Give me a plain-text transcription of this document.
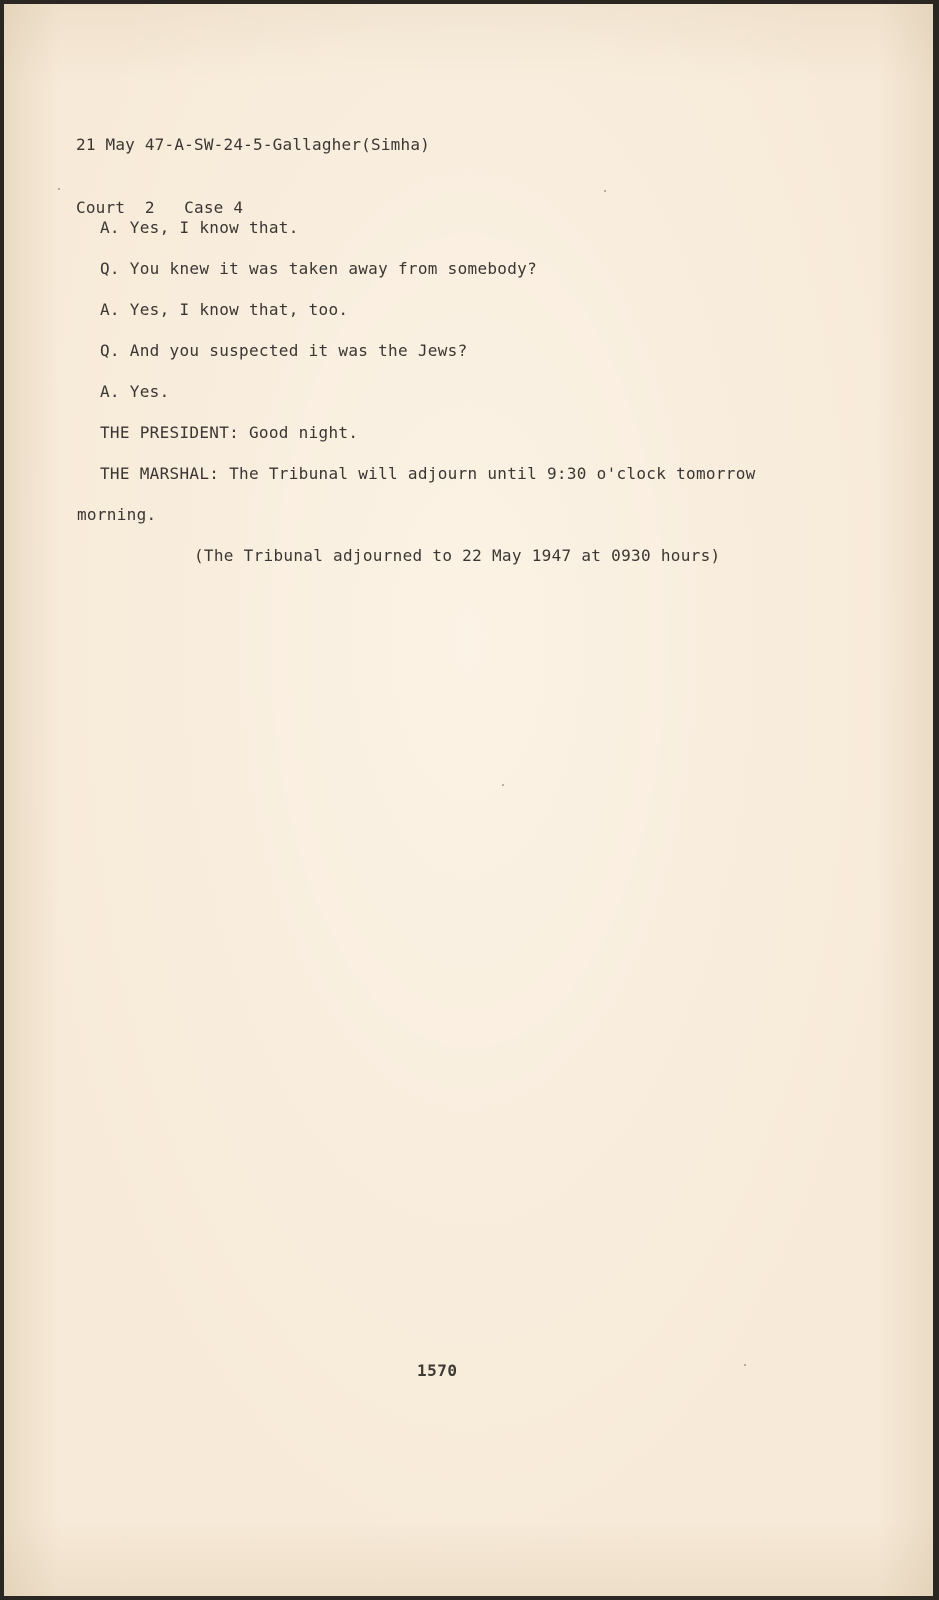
21 May 47-A-SW-24-5-Gallagher(Simha)

Court  2   Case 4

A. Yes, I know that.
Q. You knew it was taken away from somebody?
A. Yes, I know that, too.
Q. And you suspected it was the Jews?
A. Yes.
THE PRESIDENT: Good night.
THE MARSHAL: The Tribunal will adjourn until 9:30 o'clock tomorrow
morning.
(The Tribunal adjourned to 22 May 1947 at 0930 hours)
1570
